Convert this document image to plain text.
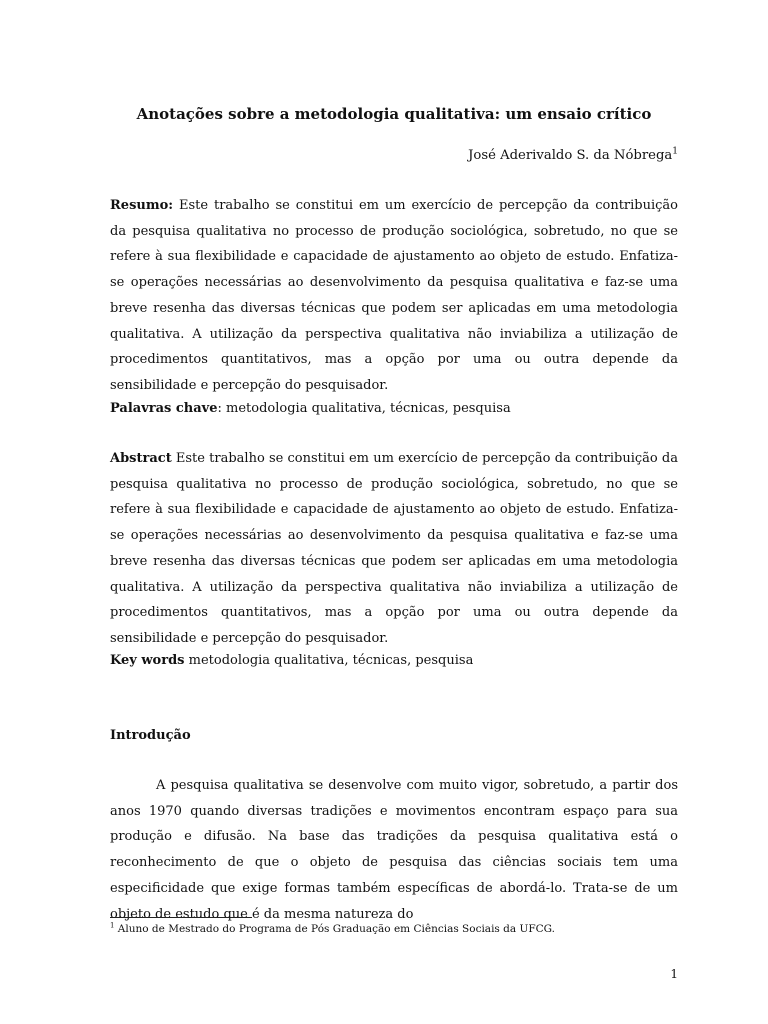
Anotações sobre a metodologia qualitativa: um ensaio crítico
José Aderivaldo S. da Nóbrega$^1$

Resumo: Este trabalho se constitui em um exercício de percepção da contribuição da pesquisa qualitativa no processo de produção sociológica, sobretudo, no que se refere à sua flexibilidade e capacidade de ajustamento ao objeto de estudo. Enfatiza-se operações necessárias ao desenvolvimento da pesquisa qualitativa e faz-se uma breve resenha das diversas técnicas que podem ser aplicadas em uma metodologia qualitativa. A utilização da perspectiva qualitativa não inviabiliza a utilização de procedimentos quantitativos, mas a opção por uma ou outra depende da sensibilidade e percepção do pesquisador.

Palavras chave: metodologia qualitativa, técnicas, pesquisa

Abstract Este trabalho se constitui em um exercício de percepção da contribuição da pesquisa qualitativa no processo de produção sociológica, sobretudo, no que se refere à sua flexibilidade e capacidade de ajustamento ao objeto de estudo. Enfatiza-se operações necessárias ao desenvolvimento da pesquisa qualitativa e faz-se uma breve resenha das diversas técnicas que podem ser aplicadas em uma metodologia qualitativa. A utilização da perspectiva qualitativa não inviabiliza a utilização de procedimentos quantitativos, mas a opção por uma ou outra depende da sensibilidade e percepção do pesquisador.

Key words metodologia qualitativa, técnicas, pesquisa

Introdução

A pesquisa qualitativa se desenvolve com muito vigor, sobretudo, a partir dos anos 1970 quando diversas tradições e movimentos encontram espaço para sua produção e difusão. Na base das tradições da pesquisa qualitativa está o reconhecimento de que o objeto de pesquisa das ciências sociais tem uma especificidade que exige formas também específicas de abordá-lo. Trata-se de um objeto de estudo que é da mesma natureza do

$^1$ Aluno de Mestrado do Programa de Pós Graduação em Ciências Sociais da UFCG.
1
